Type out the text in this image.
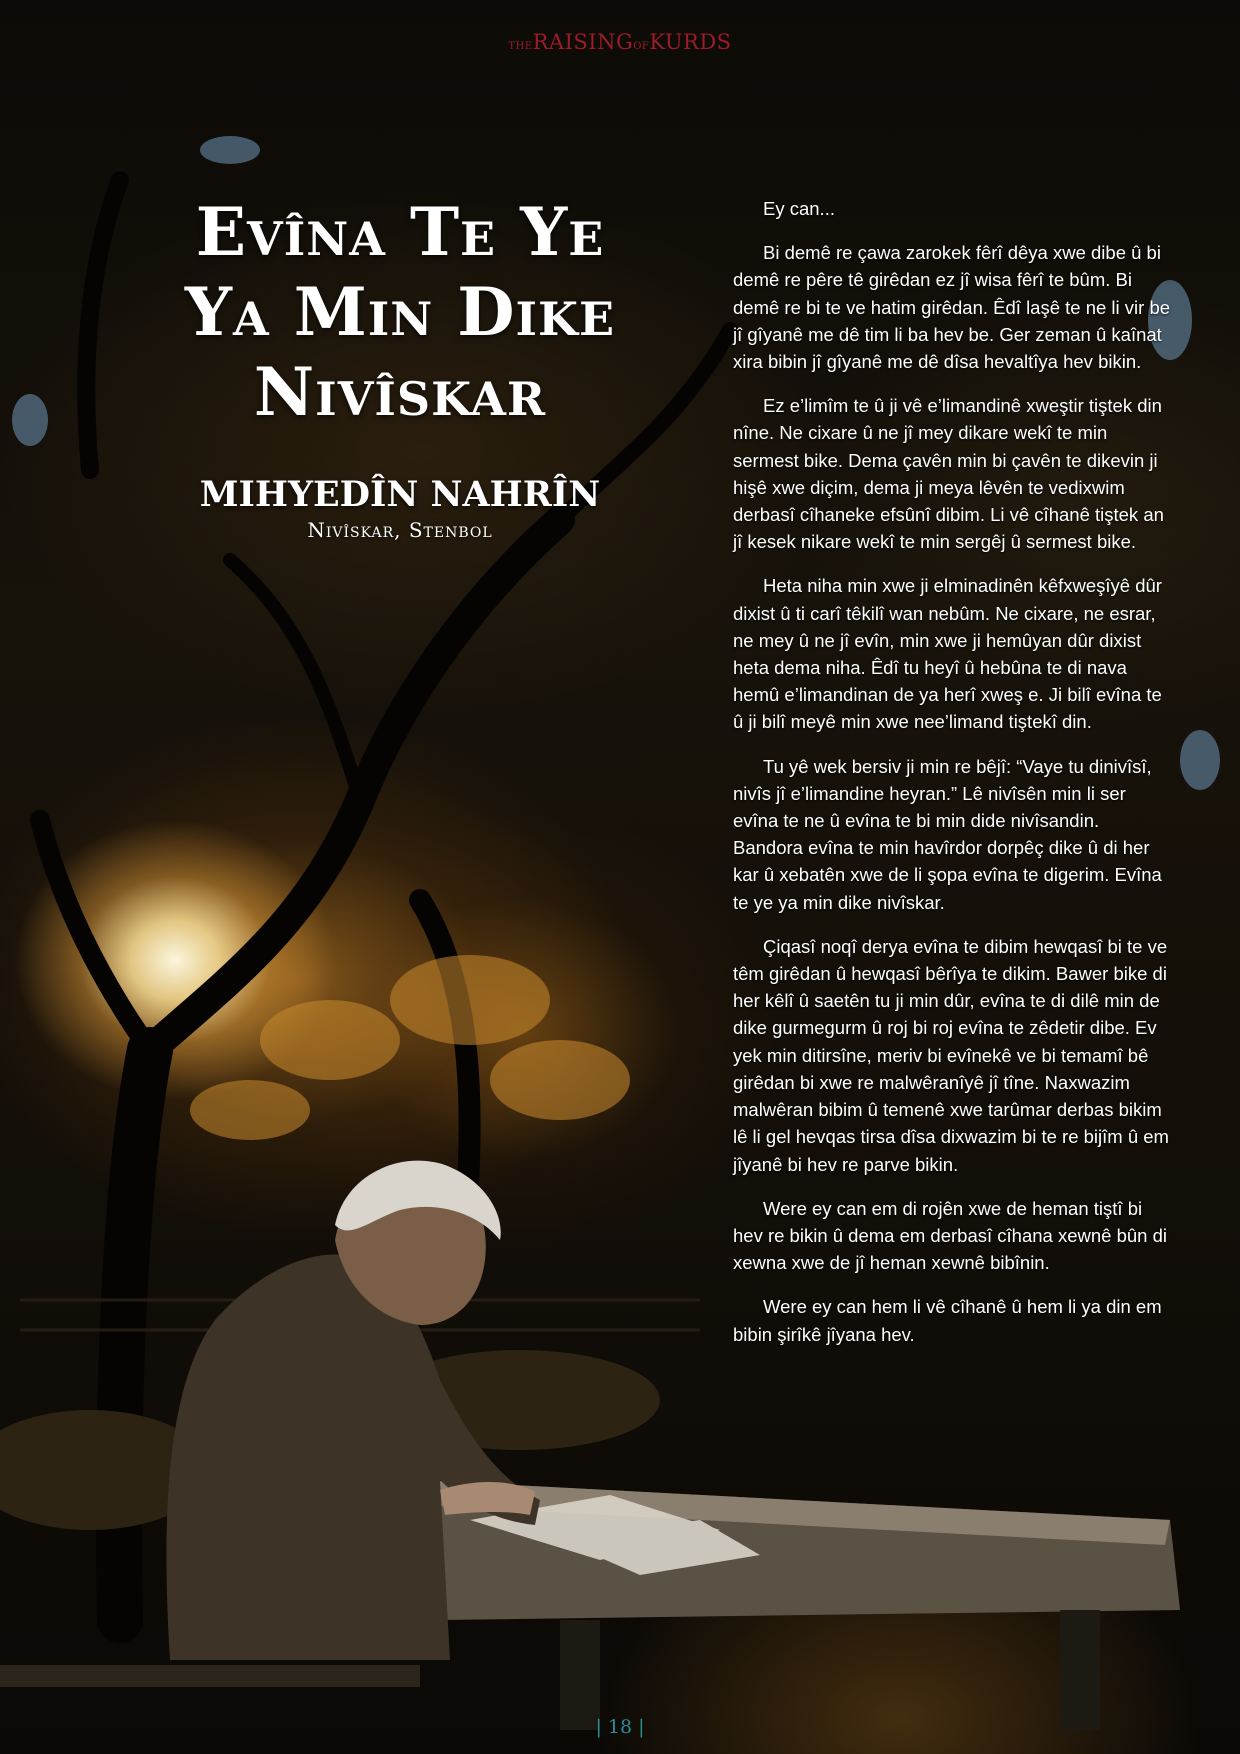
THERAISINGOFKURDS
Evîna Te Ye
Ya Min Dike
Nivîskar
MIHYEDÎN NAHRÎN
Nivîskar, Stenbol

Ey can...

Bi demê re çawa zarokek fêrî dêya xwe dibe û bi demê re pêre tê girêdan ez jî wisa fêrî te bûm. Bi demê re bi te ve hatim girêdan. Êdî laşê te ne li vir be jî gîyanê me dê tim li ba hev be. Ger zeman û kaînat xira bibin jî gîyanê me dê dîsa hevaltîya hev bikin.

Ez e’limîm te û ji vê e’limandinê xweştir tiştek din nîne. Ne cixare û ne jî mey dikare wekî te min sermest bike. Dema çavên min bi çavên te dikevin ji hişê xwe diçim, dema ji meya lêvên te vedixwim derbasî cîhaneke efsûnî dibim. Li vê cîhanê tiştek an jî kesek nikare wekî te min sergêj û sermest bike.

Heta niha min xwe ji elminadinên kêfxweşîyê dûr dixist û ti carî têkilî wan nebûm. Ne cixare, ne esrar, ne mey û ne jî evîn, min xwe ji hemûyan dûr dixist heta dema niha. Êdî tu heyî û hebûna te di nava hemû e’limandinan de ya herî xweş e. Ji bilî evîna te û ji bilî meyê min xwe nee’limand tiştekî din.

Tu yê wek bersiv ji min re bêjî: “Vaye tu dinivîsî, nivîs jî e’limandine heyran.” Lê nivîsên min li ser evîna te ne û evîna te bi min dide nivîsandin. Bandora evîna te min havîrdor dorpêç dike û di her kar û xebatên xwe de li şopa evîna te digerim. Evîna te ye ya min dike nivîskar.

Çiqasî noqî derya evîna te dibim hewqasî bi te ve têm girêdan û hewqasî bêrîya te dikim. Bawer bike di her kêlî û saetên tu ji min dûr, evîna te di dilê min de dike gurmegurm û roj bi roj evîna te zêdetir dibe. Ev yek min ditirsîne, meriv bi evînekê ve bi temamî bê girêdan bi xwe re malwêranîyê jî tîne. Naxwazim malwêran bibim û temenê xwe tarûmar derbas bikim lê li gel hevqas tirsa dîsa dixwazim bi te re bijîm û em jîyanê bi hev re parve bikin.

Were ey can em di rojên xwe de heman tiştî bi hev re bikin û dema em derbasî cîhana xewnê bûn di xewna xwe de jî heman xewnê bibînin.

Were ey can hem li vê cîhanê û hem li ya din em bibin şirîkê jîyana hev.

| 18 |
